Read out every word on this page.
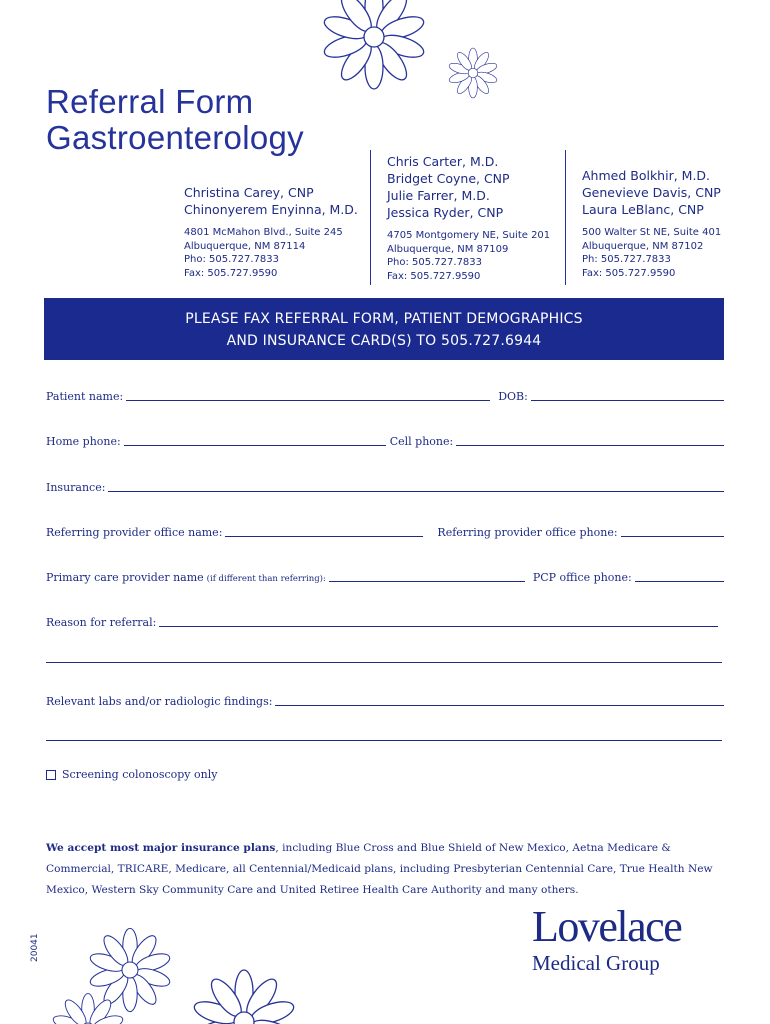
Referral Form
Gastroenterology
Christina Carey, CNP
Chinonyerem Enyinna, M.D.
4801 McMahon Blvd., Suite 245
Albuquerque, NM 87114
Pho: 505.727.7833
Fax: 505.727.9590
Chris Carter, M.D.
Bridget Coyne, CNP
Julie Farrer, M.D.
Jessica Ryder, CNP
4705 Montgomery NE, Suite 201
Albuquerque, NM 87109
Pho: 505.727.7833
Fax: 505.727.9590
Ahmed Bolkhir, M.D.
Genevieve Davis, CNP
Laura LeBlanc, CNP
500 Walter St NE, Suite 401
Albuquerque, NM 87102
Ph: 505.727.7833
Fax: 505.727.9590
PLEASE FAX REFERRAL FORM, PATIENT DEMOGRAPHICS
AND INSURANCE CARD(S) TO 505.727.6944
Patient name:	DOB:
Home phone:	Cell phone:
Insurance:
Referring provider office name:	Referring provider office phone:
Primary care provider name (if different than referring):	PCP office phone:
Reason for referral:
Relevant labs and/or radiologic findings:
Screening colonoscopy only
We accept most major insurance plans, including Blue Cross and Blue Shield of New Mexico, Aetna Medicare & Commercial, TRICARE, Medicare, all Centennial/Medicaid plans, including Presbyterian Centennial Care, True Health New Mexico, Western Sky Community Care and United Retiree Health Care Authority and many others.
20041	Lovelace
Medical Group
